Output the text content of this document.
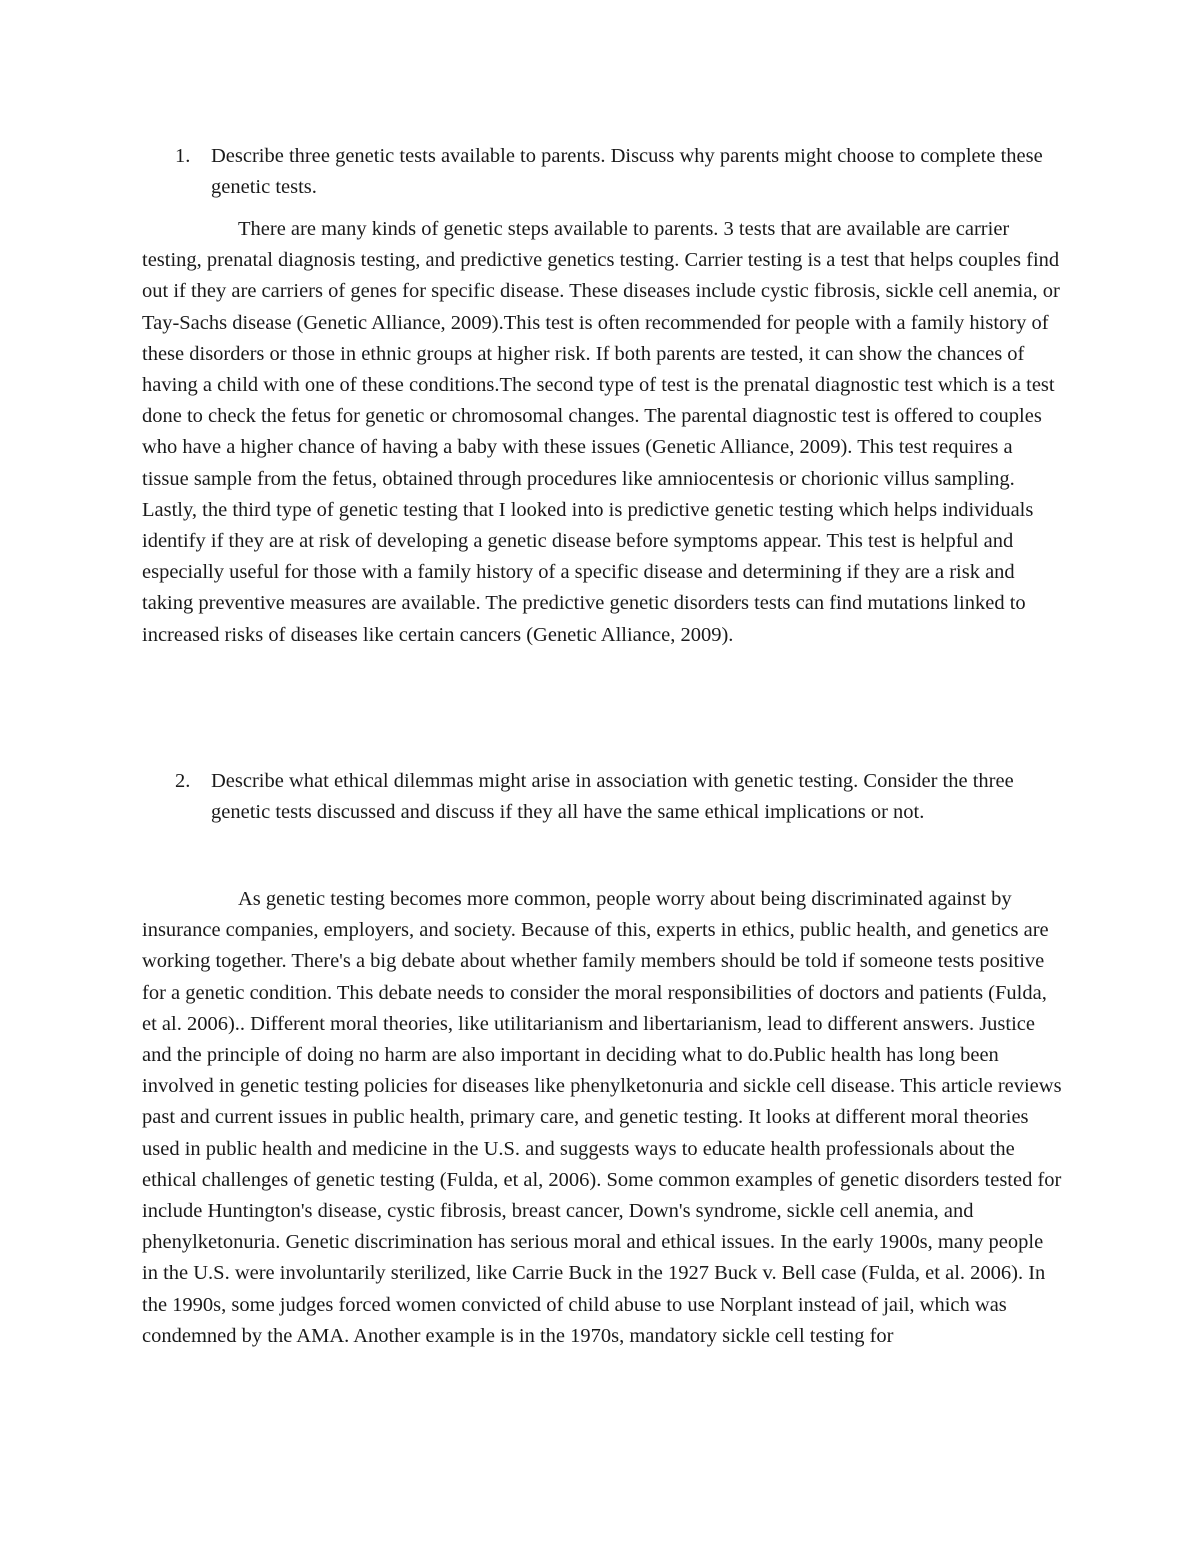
1.	Describe three genetic tests available to parents. Discuss why parents might choose to complete these genetic tests.

There are many kinds of genetic steps available to parents. 3 tests that are available are carrier testing, prenatal diagnosis testing, and predictive genetics testing. Carrier testing is a test that helps couples find out if they are carriers of genes for specific disease. These diseases include cystic fibrosis, sickle cell anemia, or Tay-Sachs disease (Genetic Alliance, 2009).This test is often recommended for people with a family history of these disorders or those in ethnic groups at higher risk. If both parents are tested, it can show the chances of having a child with one of these conditions.The second type of test is the prenatal diagnostic test which is a test done to check the fetus for genetic or chromosomal changes. The parental diagnostic test is offered to couples who have a higher chance of having a baby with these issues (Genetic Alliance, 2009). This test requires a tissue sample from the fetus, obtained through procedures like amniocentesis or chorionic villus sampling. Lastly, the third type of genetic testing that I looked into is predictive genetic testing which helps individuals identify if they are at risk of developing a genetic disease before symptoms appear. This test is helpful and especially useful for those with a family history of a specific disease and determining if they are a risk and taking preventive measures are available. The predictive genetic disorders tests can find mutations linked to increased risks of diseases like certain cancers (Genetic Alliance, 2009).

2.	Describe what ethical dilemmas might arise in association with genetic testing. Consider the three genetic tests discussed and discuss if they all have the same ethical implications or not.

As genetic testing becomes more common, people worry about being discriminated against by insurance companies, employers, and society. Because of this, experts in ethics, public health, and genetics are working together. There's a big debate about whether family members should be told if someone tests positive for a genetic condition. This debate needs to consider the moral responsibilities of doctors and patients (Fulda, et al. 2006).. Different moral theories, like utilitarianism and libertarianism, lead to different answers. Justice and the principle of doing no harm are also important in deciding what to do.Public health has long been involved in genetic testing policies for diseases like phenylketonuria and sickle cell disease. This article reviews past and current issues in public health, primary care, and genetic testing. It looks at different moral theories used in public health and medicine in the U.S. and suggests ways to educate health professionals about the ethical challenges of genetic testing (Fulda, et al, 2006). Some common examples of genetic disorders tested for include Huntington's disease, cystic fibrosis, breast cancer, Down's syndrome, sickle cell anemia, and phenylketonuria. Genetic discrimination has serious moral and ethical issues. In the early 1900s, many people in the U.S. were involuntarily sterilized, like Carrie Buck in the 1927 Buck v. Bell case (Fulda, et al. 2006). In the 1990s, some judges forced women convicted of child abuse to use Norplant instead of jail, which was condemned by the AMA. Another example is in the 1970s, mandatory sickle cell testing for
